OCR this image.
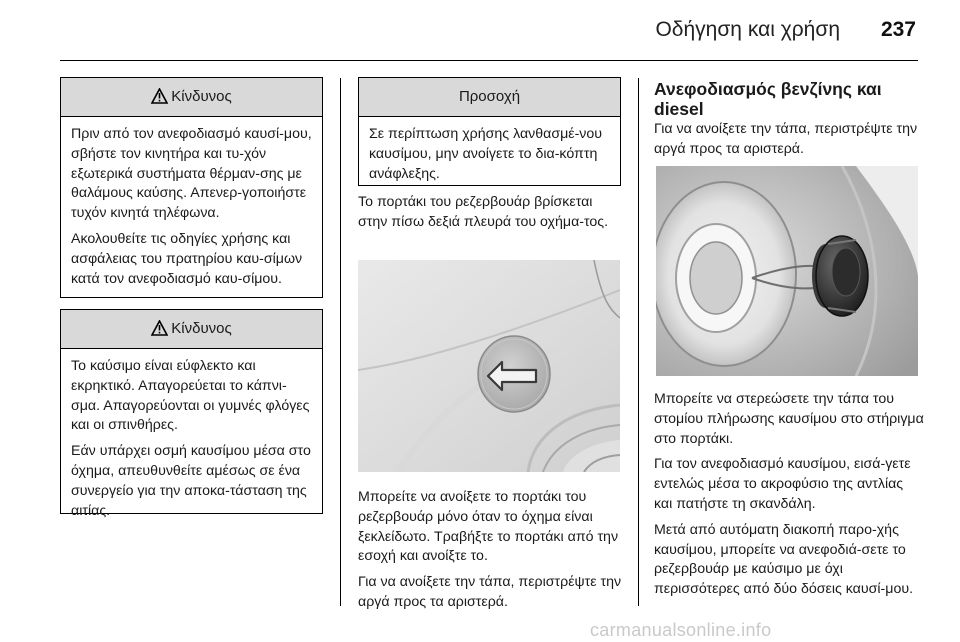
Οδήγηση και χρήση 237
Κίνδυνος

Πριν από τον ανεφοδιασμό καυσί-μου, σβήστε τον κινητήρα και τυ-χόν εξωτερικά συστήματα θέρμαν-σης με θαλάμους καύσης. Απενερ-γοποιήστε τυχόν κινητά τηλέφωνα.

Ακολουθείτε τις οδηγίες χρήσης και ασφάλειας του πρατηρίου καυ-σίμων κατά τον ανεφοδιασμό καυ-σίμου.

Κίνδυνος

Το καύσιμο είναι εύφλεκτο και εκρηκτικό. Απαγορεύεται το κάπνι-σμα. Απαγορεύονται οι γυμνές φλόγες και οι σπινθήρες.

Εάν υπάρχει οσμή καυσίμου μέσα στο όχημα, απευθυνθείτε αμέσως σε ένα συνεργείο για την αποκα-τάσταση της αιτίας.

Προσοχή

Σε περίπτωση χρήσης λανθασμέ-νου καυσίμου, μην ανοίγετε το δια-κόπτη ανάφλεξης.

Το πορτάκι του ρεζερβουάρ βρίσκεται στην πίσω δεξιά πλευρά του οχήμα-τος.

Μπορείτε να ανοίξετε το πορτάκι του ρεζερβουάρ μόνο όταν το όχημα είναι ξεκλείδωτο. Τραβήξτε το πορτάκι από την εσοχή και ανοίξτε το.

Για να ανοίξετε την τάπα, περιστρέψτε την αργά προς τα αριστερά.

Ανεφοδιασμός βενζίνης και diesel

Για να ανοίξετε την τάπα, περιστρέψτε την αργά προς τα αριστερά.

Μπορείτε να στερεώσετε την τάπα του στομίου πλήρωσης καυσίμου στο στήριγμα στο πορτάκι.

Για τον ανεφοδιασμό καυσίμου, εισά-γετε εντελώς μέσα το ακροφύσιο της αντλίας και πατήστε τη σκανδάλη.

Μετά από αυτόματη διακοπή παρο-χής καυσίμου, μπορείτε να ανεφοδιά-σετε το ρεζερβουάρ με καύσιμο με όχι περισσότερες από δύο δόσεις καυσί-μου.

carmanualsonline.info
